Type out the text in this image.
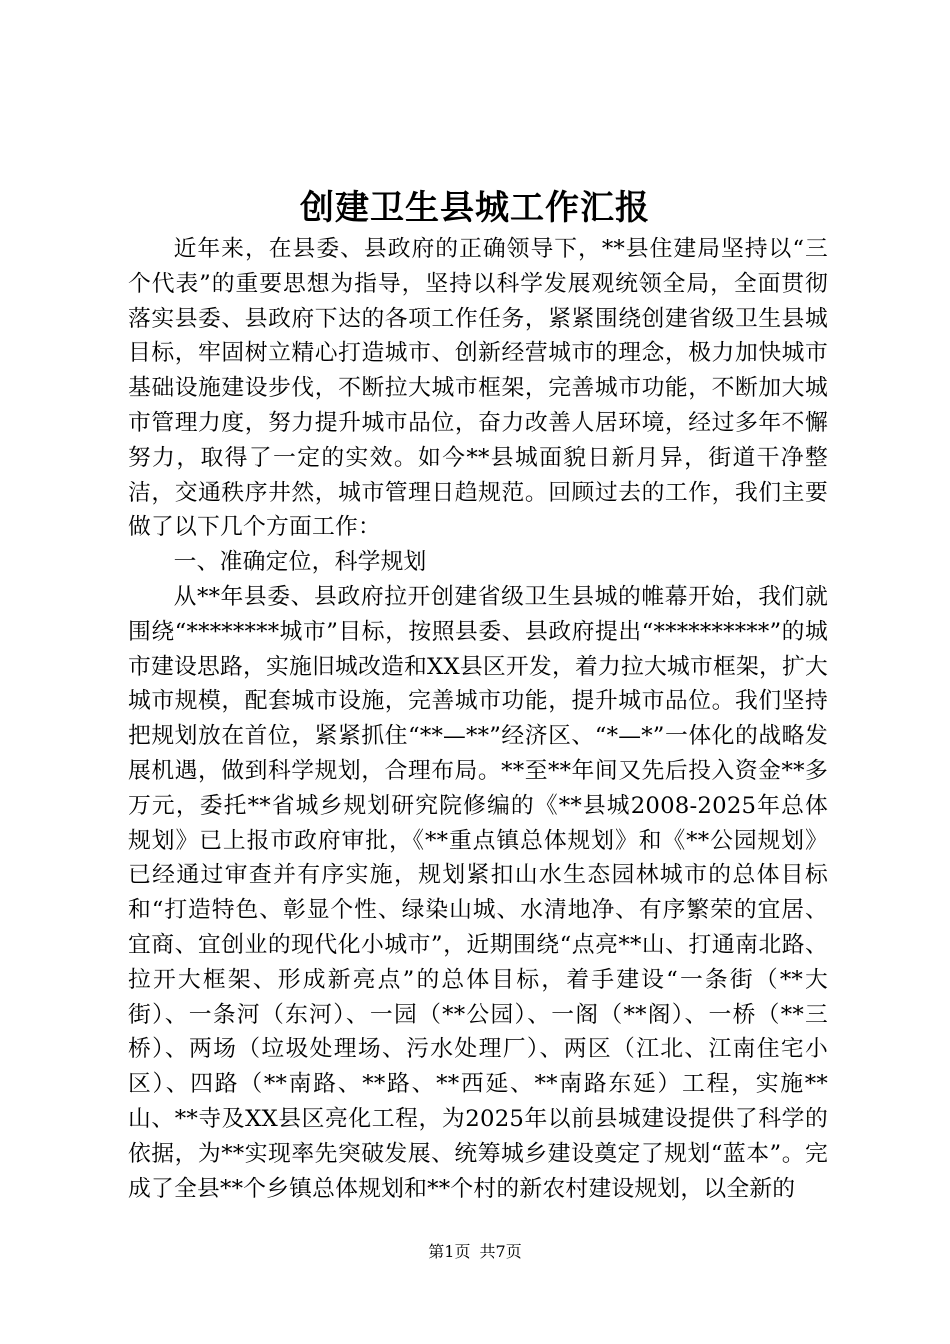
创建卫生县城工作汇报

近年来，在县委、县政府的正确领导下，**县住建局坚持以“三个代表”的重要思想为指导，坚持以科学发展观统领全局，全面贯彻落实县委、县政府下达的各项工作任务，紧紧围绕创建省级卫生县城目标，牢固树立精心打造城市、创新经营城市的理念，极力加快城市基础设施建设步伐，不断拉大城市框架，完善城市功能，不断加大城市管理力度，努力提升城市品位，奋力改善人居环境，经过多年不懈努力，取得了一定的实效。如今**县城面貌日新月异，街道干净整洁，交通秩序井然，城市管理日趋规范。回顾过去的工作，我们主要做了以下几个方面工作：

一、准确定位，科学规划

从**年县委、县政府拉开创建省级卫生县城的帷幕开始，我们就围绕“********城市”目标，按照县委、县政府提出“**********”的城市建设思路，实施旧城改造和XX县区开发，着力拉大城市框架，扩大城市规模，配套城市设施，完善城市功能，提升城市品位。我们坚持把规划放在首位，紧紧抓住“**—**”经济区、“*—*”一体化的战略发展机遇，做到科学规划，合理布局。**至**年间又先后投入资金**多万元，委托**省城乡规划研究院修编的《**县城2008-2025年总体规划》已上报市政府审批，《**重点镇总体规划》和《**公园规划》已经通过审查并有序实施，规划紧扣山水生态园林城市的总体目标和“打造特色、彰显个性、绿染山城、水清地净、有序繁荣的宜居、宜商、宜创业的现代化小城市”，近期围绕“点亮**山、打通南北路、拉开大框架、形成新亮点”的总体目标，着手建设“一条街（**大街）、一条河（东河）、一园（**公园）、一阁（**阁）、一桥（**三桥）、两场（垃圾处理场、污水处理厂）、两区（江北、江南住宅小区）、四路（**南路、**路、**西延、**南路东延）工程，实施**山、**寺及XX县区亮化工程，为2025年以前县城建设提供了科学的依据，为**实现率先突破发展、统筹城乡建设奠定了规划“蓝本”。完成了全县**个乡镇总体规划和**个村的新农村建设规划，以全新的

第1页 共7页
